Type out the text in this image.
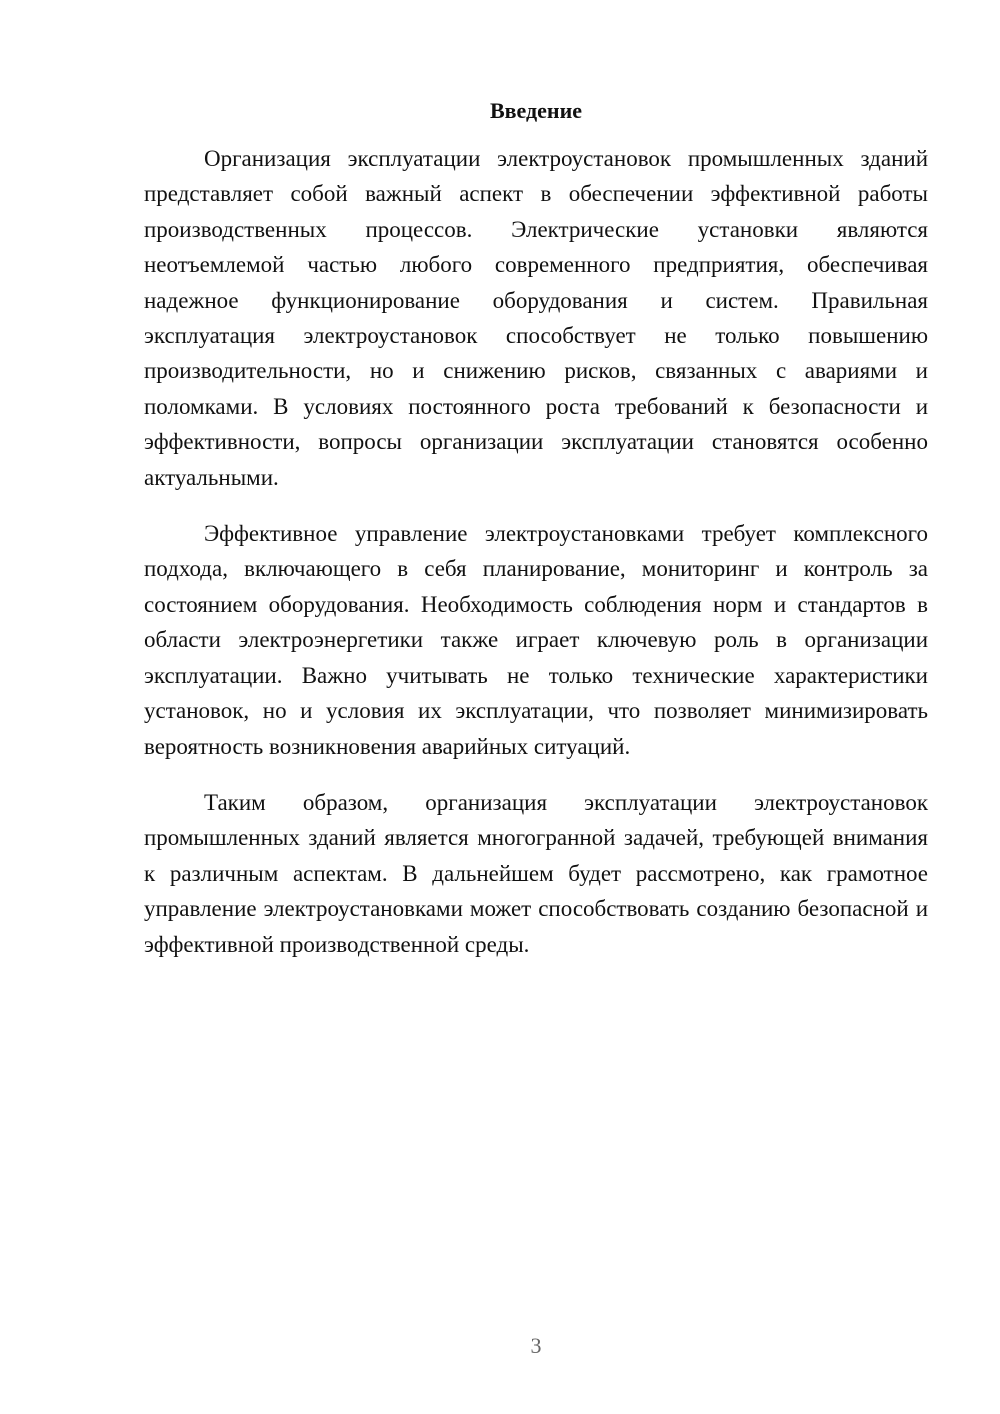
Введение

Организация эксплуатации электроустановок промышленных зданий представляет собой важный аспект в обеспечении эффективной работы производственных процессов. Электрические установки являются неотъемлемой частью любого современного предприятия, обеспечивая надежное функционирование оборудования и систем. Правильная эксплуатация электроустановок способствует не только повышению производительности, но и снижению рисков, связанных с авариями и поломками. В условиях постоянного роста требований к безопасности и эффективности, вопросы организации эксплуатации становятся особенно актуальными.

Эффективное управление электроустановками требует комплексного подхода, включающего в себя планирование, мониторинг и контроль за состоянием оборудования. Необходимость соблюдения норм и стандартов в области электроэнергетики также играет ключевую роль в организации эксплуатации. Важно учитывать не только технические характеристики установок, но и условия их эксплуатации, что позволяет минимизировать вероятность возникновения аварийных ситуаций.

Таким образом, организация эксплуатации электроустановок промышленных зданий является многогранной задачей, требующей внимания к различным аспектам. В дальнейшем будет рассмотрено, как грамотное управление электроустановками может способствовать созданию безопасной и эффективной производственной среды.

3
